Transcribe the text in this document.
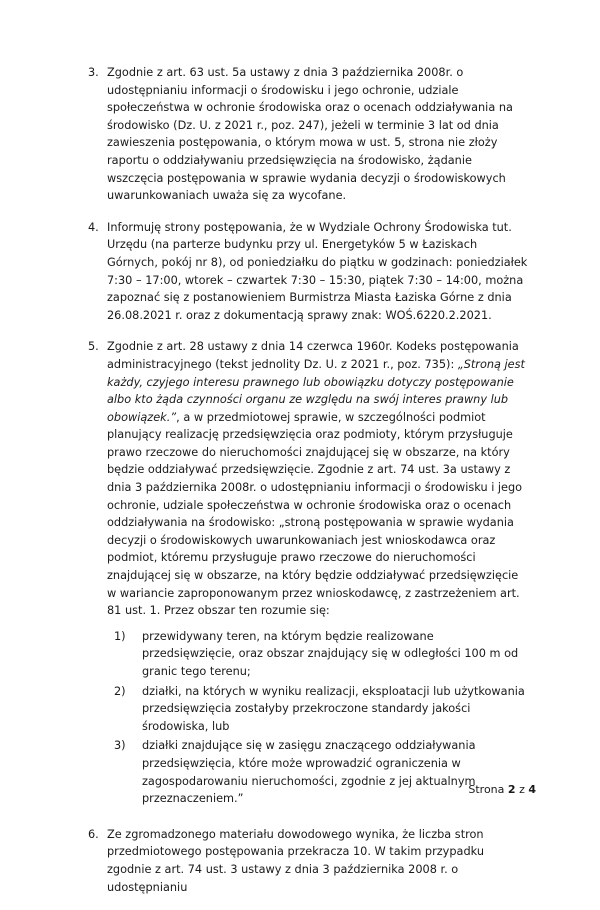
3. Zgodnie z art. 63 ust. 5a ustawy z dnia 3 października 2008r. o udostępnianiu informacji o środowisku i jego ochronie, udziale społeczeństwa w ochronie środowiska oraz o ocenach oddziaływania na środowisko (Dz. U. z 2021 r., poz. 247), jeżeli w terminie 3 lat od dnia zawieszenia postępowania, o którym mowa w ust. 5, strona nie złoży raportu o oddziaływaniu przedsięwzięcia na środowisko, żądanie wszczęcia postępowania w sprawie wydania decyzji o środowiskowych uwarunkowaniach uważa się za wycofane.

4. Informuję strony postępowania, że w Wydziale Ochrony Środowiska tut. Urzędu (na parterze budynku przy ul. Energetyków 5 w Łaziskach Górnych, pokój nr 8), od poniedziałku do piątku w godzinach: poniedziałek 7:30 – 17:00, wtorek – czwartek 7:30 – 15:30, piątek 7:30 – 14:00, można zapoznać się z postanowieniem Burmistrza Miasta Łaziska Górne z dnia 26.08.2021 r. oraz z dokumentacją sprawy znak: WOŚ.6220.2.2021.

5. Zgodnie z art. 28 ustawy z dnia 14 czerwca 1960r. Kodeks postępowania administracyjnego (tekst jednolity Dz. U. z 2021 r., poz. 735): „Stroną jest każdy, czyjego interesu prawnego lub obowiązku dotyczy postępowanie albo kto żąda czynności organu ze względu na swój interes prawny lub obowiązek.”, a w przedmiotowej sprawie, w szczególności podmiot planujący realizację przedsięwzięcia oraz podmioty, którym przysługuje prawo rzeczowe do nieruchomości znajdującej się w obszarze, na który będzie oddziaływać przedsięwzięcie. Zgodnie z art. 74 ust. 3a ustawy z dnia 3 października 2008r. o udostępnianiu informacji o środowisku i jego ochronie, udziale społeczeństwa w ochronie środowiska oraz o ocenach oddziaływania na środowisko: „stroną postępowania w sprawie wydania decyzji o środowiskowych uwarunkowaniach jest wnioskodawca oraz podmiot, któremu przysługuje prawo rzeczowe do nieruchomości znajdującej się w obszarze, na który będzie oddziaływać przedsięwzięcie w wariancie zaproponowanym przez wnioskodawcę, z zastrzeżeniem art. 81 ust. 1. Przez obszar ten rozumie się:

1) przewidywany teren, na którym będzie realizowane przedsięwzięcie, oraz obszar znajdujący się w odległości 100 m od granic tego terenu;
2) działki, na których w wyniku realizacji, eksploatacji lub użytkowania przedsięwzięcia zostałyby przekroczone standardy jakości środowiska, lub
3) działki znajdujące się w zasięgu znaczącego oddziaływania przedsięwzięcia, które może wprowadzić ograniczenia w zagospodarowaniu nieruchomości, zgodnie z jej aktualnym przeznaczeniem.”
6. Ze zgromadzonego materiału dowodowego wynika, że liczba stron przedmiotowego postępowania przekracza 10. W takim przypadku zgodnie z art. 74 ust. 3 ustawy z dnia 3 października 2008 r. o udostępnianiu

Strona 2 z 4
